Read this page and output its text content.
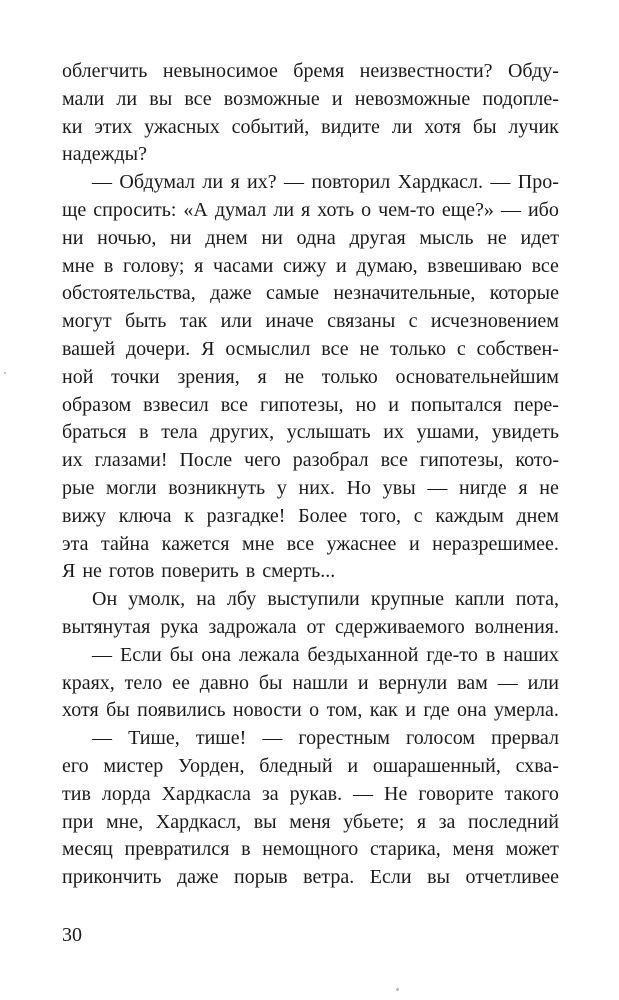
облегчить невыносимое бремя неизвестности? Обду-
мали ли вы все возможные и невозможные подопле-
ки этих ужасных событий, видите ли хотя бы лучик
надежды?
— Обдумал ли я их? — повторил Хардкасл. — Про-
ще спросить: «А думал ли я хоть о чем-то еще?» — ибо
ни ночью, ни днем ни одна другая мысль не идет
мне в голову; я часами сижу и думаю, взвешиваю все
обстоятельства, даже самые незначительные, которые
могут быть так или иначе связаны с исчезновением
вашей дочери. Я осмыслил все не только с собствен-
ной точки зрения, я не только основательнейшим
образом взвесил все гипотезы, но и попытался пере-
браться в тела других, услышать их ушами, увидеть
их глазами! После чего разобрал все гипотезы, кото-
рые могли возникнуть у них. Но увы — нигде я не
вижу ключа к разгадке! Более того, с каждым днем
эта тайна кажется мне все ужаснее и неразрешимее.
Я не готов поверить в смерть...
Он умолк, на лбу выступили крупные капли пота,
вытянутая рука задрожала от сдерживаемого волнения.
— Если бы она лежала бездыханной где-то в наших
краях, тело ее давно бы нашли и вернули вам — или
хотя бы появились новости о том, как и где она умерла.
— Тише, тише! — горестным голосом прервал
его мистер Уорден, бледный и ошарашенный, схва-
тив лорда Хардкасла за рукав. — Не говорите такого
при мне, Хардкасл, вы меня убьете; я за последний
месяц превратился в немощного старика, меня может
прикончить даже порыв ветра. Если вы отчетливее
30
